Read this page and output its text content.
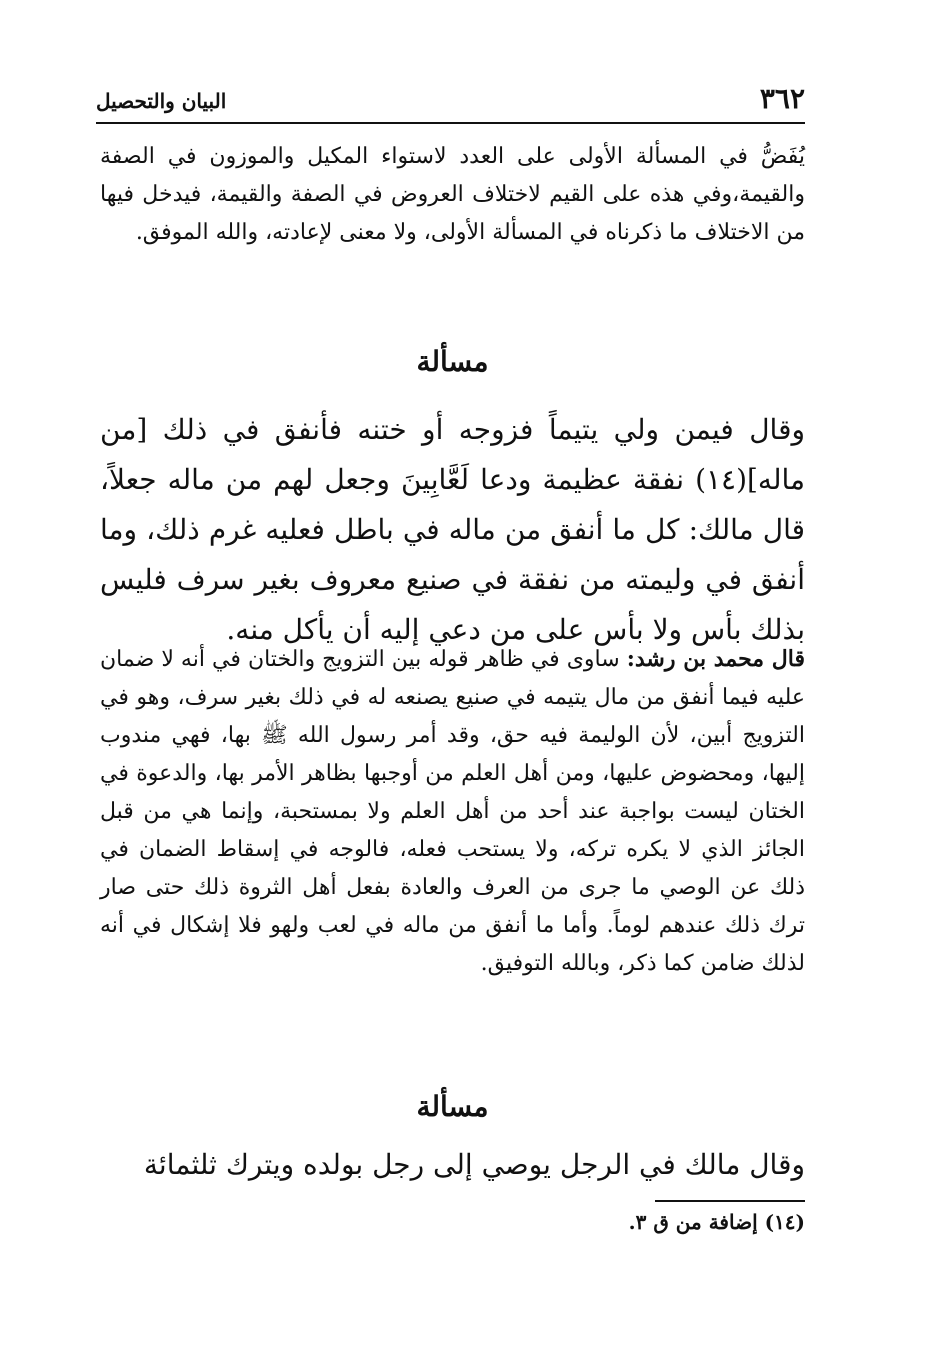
٣٦٢
البيان والتحصيل

يُفَضُّ في المسألة الأولى على العدد لاستواء المكيل والموزون في الصفة والقيمة،وفي هذه على القيم لاختلاف العروض في الصفة والقيمة، فيدخل فيها من الاختلاف ما ذكرناه في المسألة الأولى، ولا معنى لإعادته، والله الموفق.

مسألة

وقال فيمن ولي يتيماً فزوجه أو ختنه فأنفق في ذلك [من ماله](١٤) نفقة عظيمة ودعا لَعَّابِينَ وجعل لهم من ماله جعلاً، قال مالك: كل ما أنفق من ماله في باطل فعليه غرم ذلك، وما أنفق في وليمته من نفقة في صنيع معروف بغير سرف فليس بذلك بأس ولا بأس على من دعي إليه أن يأكل منه.

قال محمد بن رشد: ساوى في ظاهر قوله بين التزويج والختان في أنه لا ضمان عليه فيما أنفق من مال يتيمه في صنيع يصنعه له في ذلك بغير سرف، وهو في التزويج أبين، لأن الوليمة فيه حق، وقد أمر رسول الله ﷺ بها، فهي مندوب إليها، ومحضوض عليها، ومن أهل العلم من أوجبها بظاهر الأمر بها، والدعوة في الختان ليست بواجبة عند أحد من أهل العلم ولا بمستحبة، وإنما هي من قبل الجائز الذي لا يكره تركه، ولا يستحب فعله، فالوجه في إسقاط الضمان في ذلك عن الوصي ما جرى من العرف والعادة بفعل أهل الثروة ذلك حتى صار ترك ذلك عندهم لوماً. وأما ما أنفق من ماله في لعب ولهو فلا إشكال في أنه لذلك ضامن كما ذكر، وبالله التوفيق.

مسألة

وقال مالك في الرجل يوصي إلى رجل بولده ويترك ثلثمائة

(١٤) إضافة من ق ٣.
